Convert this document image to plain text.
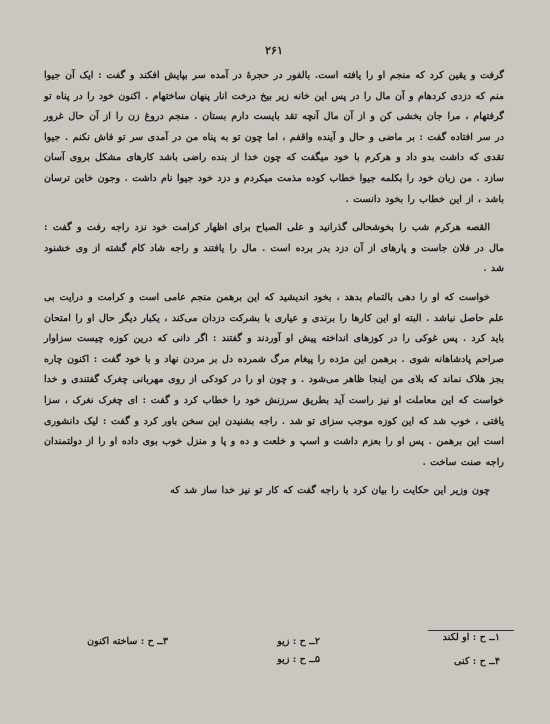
۲۶۱

گرفت و یقین کرد که منجم او را یافته است. بالفور در حجرهٔ در آمده سر بپایش افکند و گفت : ایک آن جیوا منم که دزدی کردهام و آن مال را در پس این خانه زیر بیخ درخت انار پنهان ساختهام . اکنون خود را در پناه تو گرفتهام ، مرا جان بخشی کن و از آن مال آنچه تقد بایست دارم بستان . منجم دروغ زن را از آن حال غرور در سر افتاده گفت : بر ماضی و حال و آینده واقفم ، اما چون تو به پناه من در آمدی سر تو فاش نکنم . جیوا تقدی که داشت بدو داد و هرکرم با خود میگفت که چون خدا از بنده راضی باشد کارهای مشکل بروی آسان سازد . من زبان خود را بکلمه جیوا خطاب کوده مذمت میکردم و دزد خود جیوا نام داشت . وجون خاین ترسان باشد ، از این خطاب را بخود دانست .

القصه هرکرم شب را بخوشحالی گذرانید و علی الصباح برای اظهار کرامت خود نزد راجه رفت و گفت : مال در فلان جاست و پارهای از آن دزد بدر برده است . مال را یافتند و راجه شاد کام گشته از وی خشنود شد .

خواست که او را دهی بالتمام بدهد ، بخود اندیشید که این برهمن منجم عامی است و کرامت و درایت بی علم حاصل نباشد . البته او این کارها را برندی و عیاری با بشرکت دزدان می‌کند ، یکبار دیگر حال او را امتحان باید کرد . پس غوکی را در کوزهای انداخته پیش او آوردند و گفتند : اگر دانی که درین کوزه چیست سزاوار صراحم پادشاهانه شوی . برهمن این مژده را پیغام مرگ شمرده دل بر مردن نهاد و با خود گفت : اکنون چاره بجز هلاک نماند که بلای من اینجا ظاهر می‌شود . و چون او را در کودکی از روی مهربانی چغرک گفتندی و خدا خواست که این معاملت او نیز راست آید بطریق سرزنش خود را خطاب کرد و گفت : ای چغرک نغرک ، سزا یافتی ، خوب شد که این کوزه موجب سزای تو شد . راجه بشنیدن این سخن باور کرد و گفت : لیک دانشوری است این برهمن . پس او را بعزم داشت و اسپ و خلعت و ده و پا و منزل خوب بوی داده او را از دولتمندان راجه صنت ساخت .

چون وزیر این حکایت را بیان کرد با راجه گفت که کار تو نیز خدا ساز شد که

۱ــ ح : او لکند
۲ــ ح : زیو
۳ــ ح : ساخته اکنون
۴ــ ح : کنی
۵ــ ح : زیو
